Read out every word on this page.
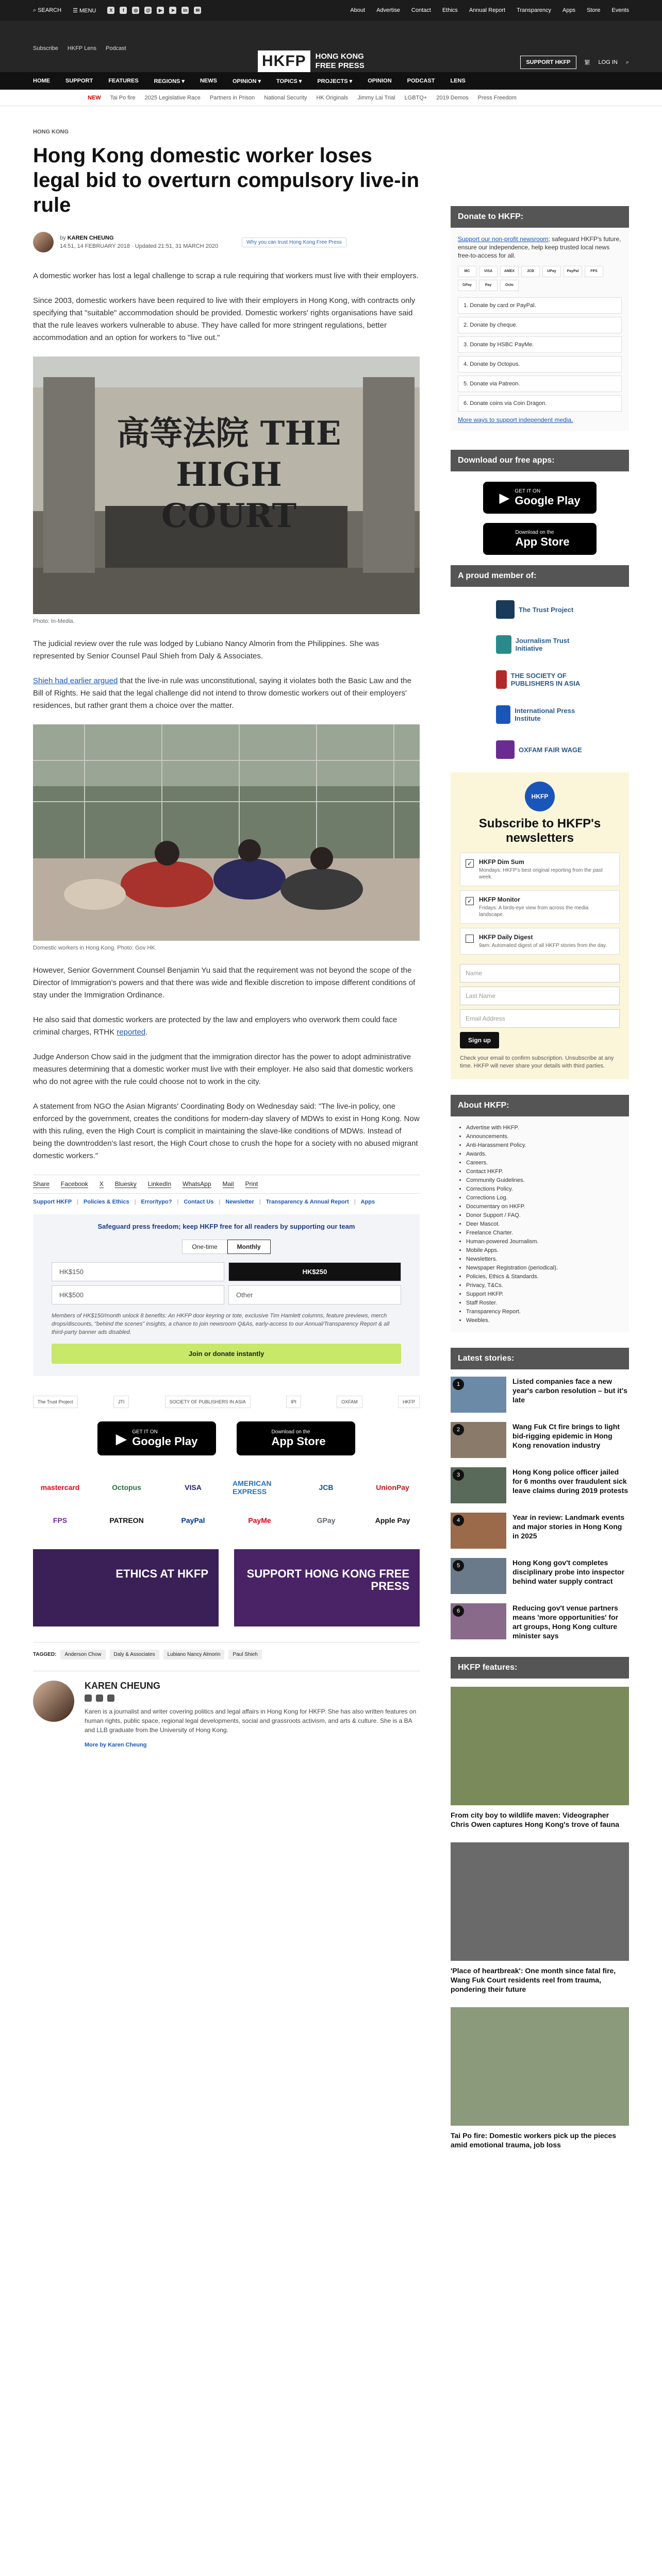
⌕ SEARCH ☰ MENU	X	f	◎	@	▶	➤	in	✉	About Advertise Contact Ethics Annual Report Transparency Apps Store Events
Subscribe HKFP Lens Podcast
HKFP	HONG KONG
FREE PRESS	SUPPORT HKFP	繁 LOG IN ⌕
HOME	SUPPORT	FEATURES	REGIONS ▾	NEWS	OPINION ▾	TOPICS ▾	PROJECTS ▾	OPINION	PODCAST	LENS
NEW Tai Po fire 2025 Legislative Race Partners in Prison National Security HK Originals Jimmy Lai Trial LGBTQ+ 2019 Demos Press Freedom
HONG KONG
Hong Kong domestic worker loses legal bid to overturn compulsory live-in rule
by KAREN CHEUNG
14:51, 14 FEBRUARY 2018 · Updated 21:51, 31 MARCH 2020
Why you can trust Hong Kong Free Press

A domestic worker has lost a legal challenge to scrap a rule requiring that workers must live with their employers.

Since 2003, domestic workers have been required to live with their employers in Hong Kong, with contracts only specifying that "suitable" accommodation should be provided. Domestic workers' rights organisations have said that the rule leaves workers vulnerable to abuse. They have called for more stringent regulations, better accommodation and an option for workers to "live out."

高等法院 THE HIGH COURT
Photo: In-Media.

The judicial review over the rule was lodged by Lubiano Nancy Almorin from the Philippines. She was represented by Senior Counsel Paul Shieh from Daly & Associates.

Shieh had earlier argued that the live-in rule was unconstitutional, saying it violates both the Basic Law and the Bill of Rights. He said that the legal challenge did not intend to throw domestic workers out of their employers' residences, but rather grant them a choice over the matter.

Domestic workers in Hong Kong. Photo: Gov HK.

However, Senior Government Counsel Benjamin Yu said that the requirement was not beyond the scope of the Director of Immigration's powers and that there was wide and flexible discretion to impose different conditions of stay under the Immigration Ordinance.

He also said that domestic workers are protected by the law and employers who overwork them could face criminal charges, RTHK reported.

Judge Anderson Chow said in the judgment that the immigration director has the power to adopt administrative measures determining that a domestic worker must live with their employer. He also said that domestic workers who do not agree with the rule could choose not to work in the city.

A statement from NGO the Asian Migrants' Coordinating Body on Wednesday said: "The live-in policy, one enforced by the government, creates the conditions for modern-day slavery of MDWs to exist in Hong Kong. Now with this ruling, even the High Court is complicit in maintaining the slave-like conditions of MDWs. Instead of being the downtrodden's last resort, the High Court chose to crush the hope for a society with no abused migrant domestic workers."

Share Facebook X Bluesky LinkedIn WhatsApp Mail Print
Support HKFP | Policies & Ethics | Error/typo? | Contact Us | Newsletter | Transparency & Annual Report | Apps
Safeguard press freedom; keep HKFP free for all readers by supporting our team
One-time	Monthly
HK$150	HK$250
HK$500	Other

Members of HK$150/month unlock 8 benefits: An HKFP door keyring or tote, exclusive Tim Hamlett columns, feature previews, merch drops/discounts, "behind the scenes" insights, a chance to join newsroom Q&As, early-access to our Annual/Transparency Report & all third-party banner ads disabled.

Join or donate instantly
The Trust Project	JTI	SOCIETY OF PUBLISHERS IN ASIA	IPI	OXFAM	HKFP
▶ GET IT ON
Google Play
Download on the
App Store
mastercard	Octopus	VISA	AMERICAN EXPRESS	JCB	UnionPay
FPS	PATREON	PayPal	PayMe	GPay	Apple Pay
ETHICS AT HKFP	SUPPORT HONG KONG FREE PRESS
TAGGED:	Anderson Chow	Daly & Associates	Lubiano Nancy Almorin	Paul Shieh
KAREN CHEUNG

Karen is a journalist and writer covering politics and legal affairs in Hong Kong for HKFP. She has also written features on human rights, public space, regional legal developments, social and grassroots activism, and arts & culture. She is a BA and LLB graduate from the University of Hong Kong.

More by Karen Cheung
Donate to HKFP:

Support our non-profit newsroom; safeguard HKFP's future, ensure our independence, help keep trusted local news free-to-access for all.

MC	VISA	AMEX	JCB	UPay	PayPal	FPS
GPay	Pay	Octo
1. Donate by card or PayPal.
2. Donate by cheque.
3. Donate by HSBC PayMe.
4. Donate by Octopus.
5. Donate via Patreon.
6. Donate coins via Coin Dragon.

More ways to support independent media.

Download our free apps:
▶ GET IT ON
Google Play
Download on the
App Store
A proud member of:
The Trust Project
Journalism Trust Initiative
THE SOCIETY OF PUBLISHERS IN ASIA
International Press Institute
OXFAM FAIR WAGE
HKFP
Subscribe to HKFP's newsletters
✓ HKFP Dim Sum

Mondays: HKFP's best original reporting from the past week.

✓ HKFP Monitor

Fridays: A birds-eye view from across the media landscape.

HKFP Daily Digest

9am: Automated digest of all HKFP stories from the day.

Name
Last Name
Email Address
Sign up

Check your email to confirm subscription. Unsubscribe at any time. HKFP will never share your details with third parties.

About HKFP:
• Advertise with HKFP.
• Announcements.
• Anti-Harassment Policy.
• Awards.
• Careers.
• Contact HKFP.
• Community Guidelines.
• Corrections Policy.
• Corrections Log.
• Documentary on HKFP.
• Donor Support / FAQ.
• Deer Mascot.
• Freelance Charter.
• Human-powered Journalism.
• Mobile Apps.
• Newsletters.
• Newspaper Registration (periodical).
• Policies, Ethics & Standards.
• Privacy, T&Cs.
• Support HKFP.
• Staff Roster.
• Transparency Report.
• Weebles.
Latest stories:
1	Listed companies face a new year's carbon resolution – but it's late
2	Wang Fuk Ct fire brings to light bid-rigging epidemic in Hong Kong renovation industry
3	Hong Kong police officer jailed for 6 months over fraudulent sick leave claims during 2019 protests
4	Year in review: Landmark events and major stories in Hong Kong in 2025
5	Hong Kong gov't completes disciplinary probe into inspector behind water supply contract
6	Reducing gov't venue partners means 'more opportunities' for art groups, Hong Kong culture minister says
HKFP features:
From city boy to wildlife maven: Videographer Chris Owen captures Hong Kong's trove of fauna
'Place of heartbreak': One month since fatal fire, Wang Fuk Court residents reel from trauma, pondering their future
Tai Po fire: Domestic workers pick up the pieces amid emotional trauma, job loss
